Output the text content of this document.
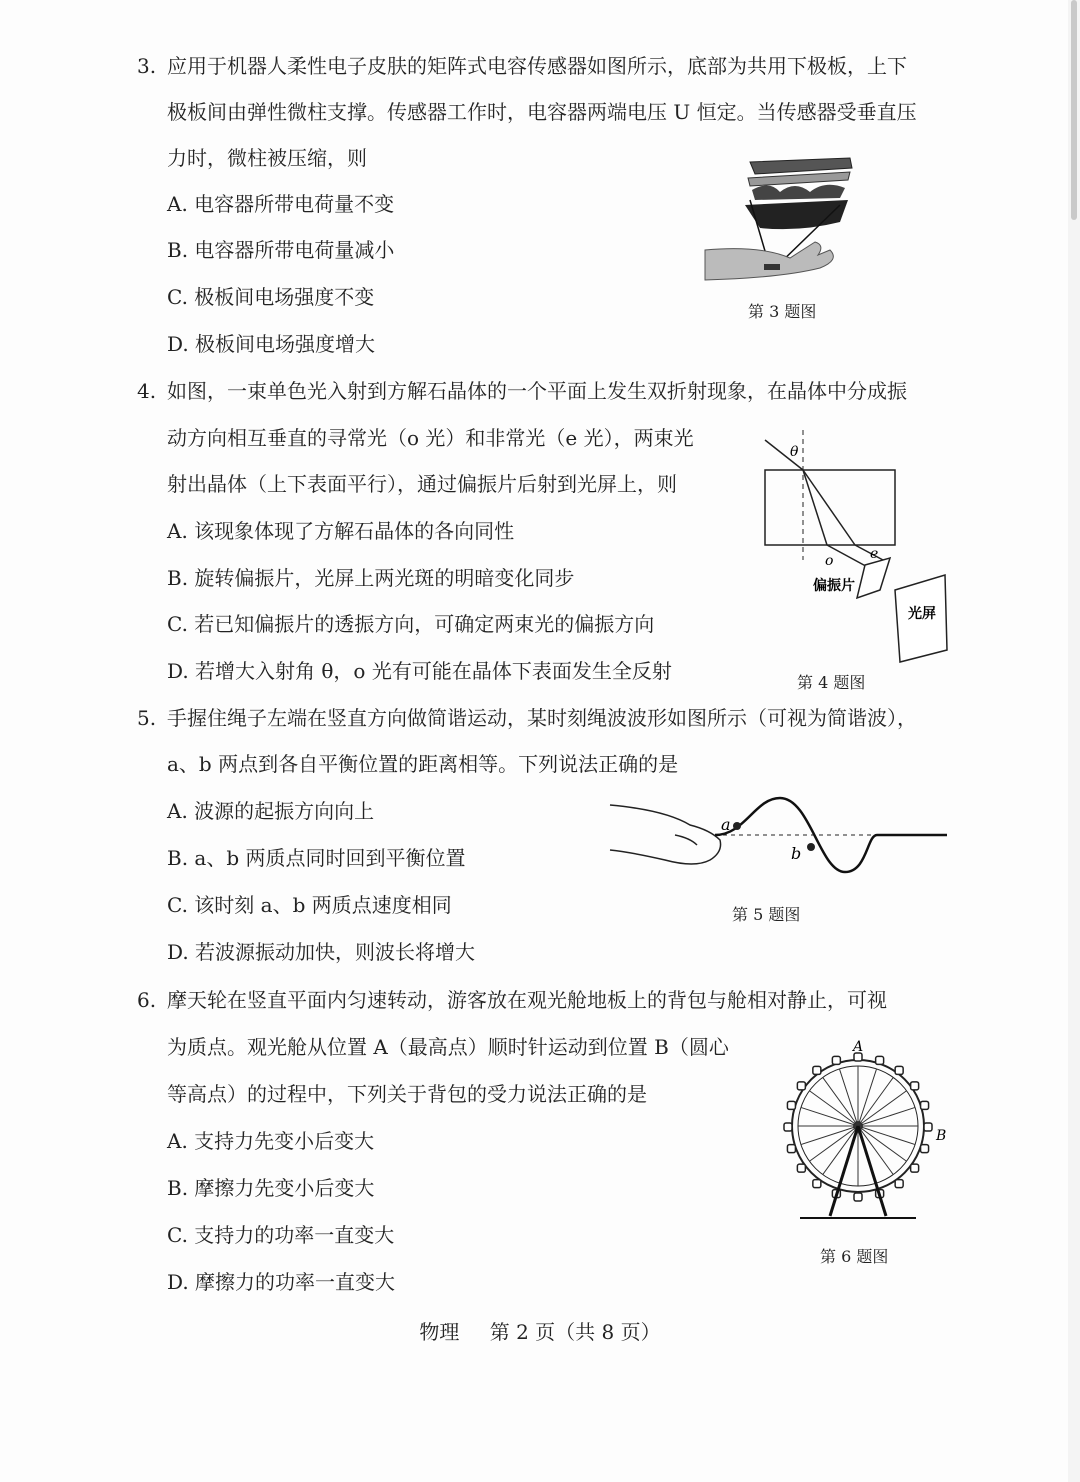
3. 应用于机器人柔性电子皮肤的矩阵式电容传感器如图所示，底部为共用下极板，上下
极板间由弹性微柱支撑。传感器工作时，电容器两端电压 U 恒定。当传感器受垂直压
力时，微柱被压缩，则
A. 电容器所带电荷量不变
B. 电容器所带电荷量减小
C. 极板间电场强度不变
D. 极板间电场强度增大
第 3 题图
4. 如图，一束单色光入射到方解石晶体的一个平面上发生双折射现象，在晶体中分成振
动方向相互垂直的寻常光（o 光）和非常光（e 光），两束光
射出晶体（上下表面平行），通过偏振片后射到光屏上，则
A. 该现象体现了方解石晶体的各向同性
B. 旋转偏振片，光屏上两光斑的明暗变化同步
C. 若已知偏振片的透振方向，可确定两束光的偏振方向
D. 若增大入射角 θ，o 光有可能在晶体下表面发生全反射
θ
o	e
偏振片
光屏
第 4 题图
5. 手握住绳子左端在竖直方向做简谐运动，某时刻绳波波形如图所示（可视为简谐波），
a、b 两点到各自平衡位置的距离相等。下列说法正确的是
A. 波源的起振方向向上
B. a、b 两质点同时回到平衡位置
C. 该时刻 a、b 两质点速度相同
D. 若波源振动加快，则波长将增大
a
b
第 5 题图
6. 摩天轮在竖直平面内匀速转动，游客放在观光舱地板上的背包与舱相对静止，可视
为质点。观光舱从位置 A（最高点）顺时针运动到位置 B（圆心
等高点）的过程中，下列关于背包的受力说法正确的是
A. 支持力先变小后变大
B. 摩擦力先变小后变大
C. 支持力的功率一直变大
D. 摩擦力的功率一直变大
A
B
第 6 题图
物理 第 2 页（共 8 页）
